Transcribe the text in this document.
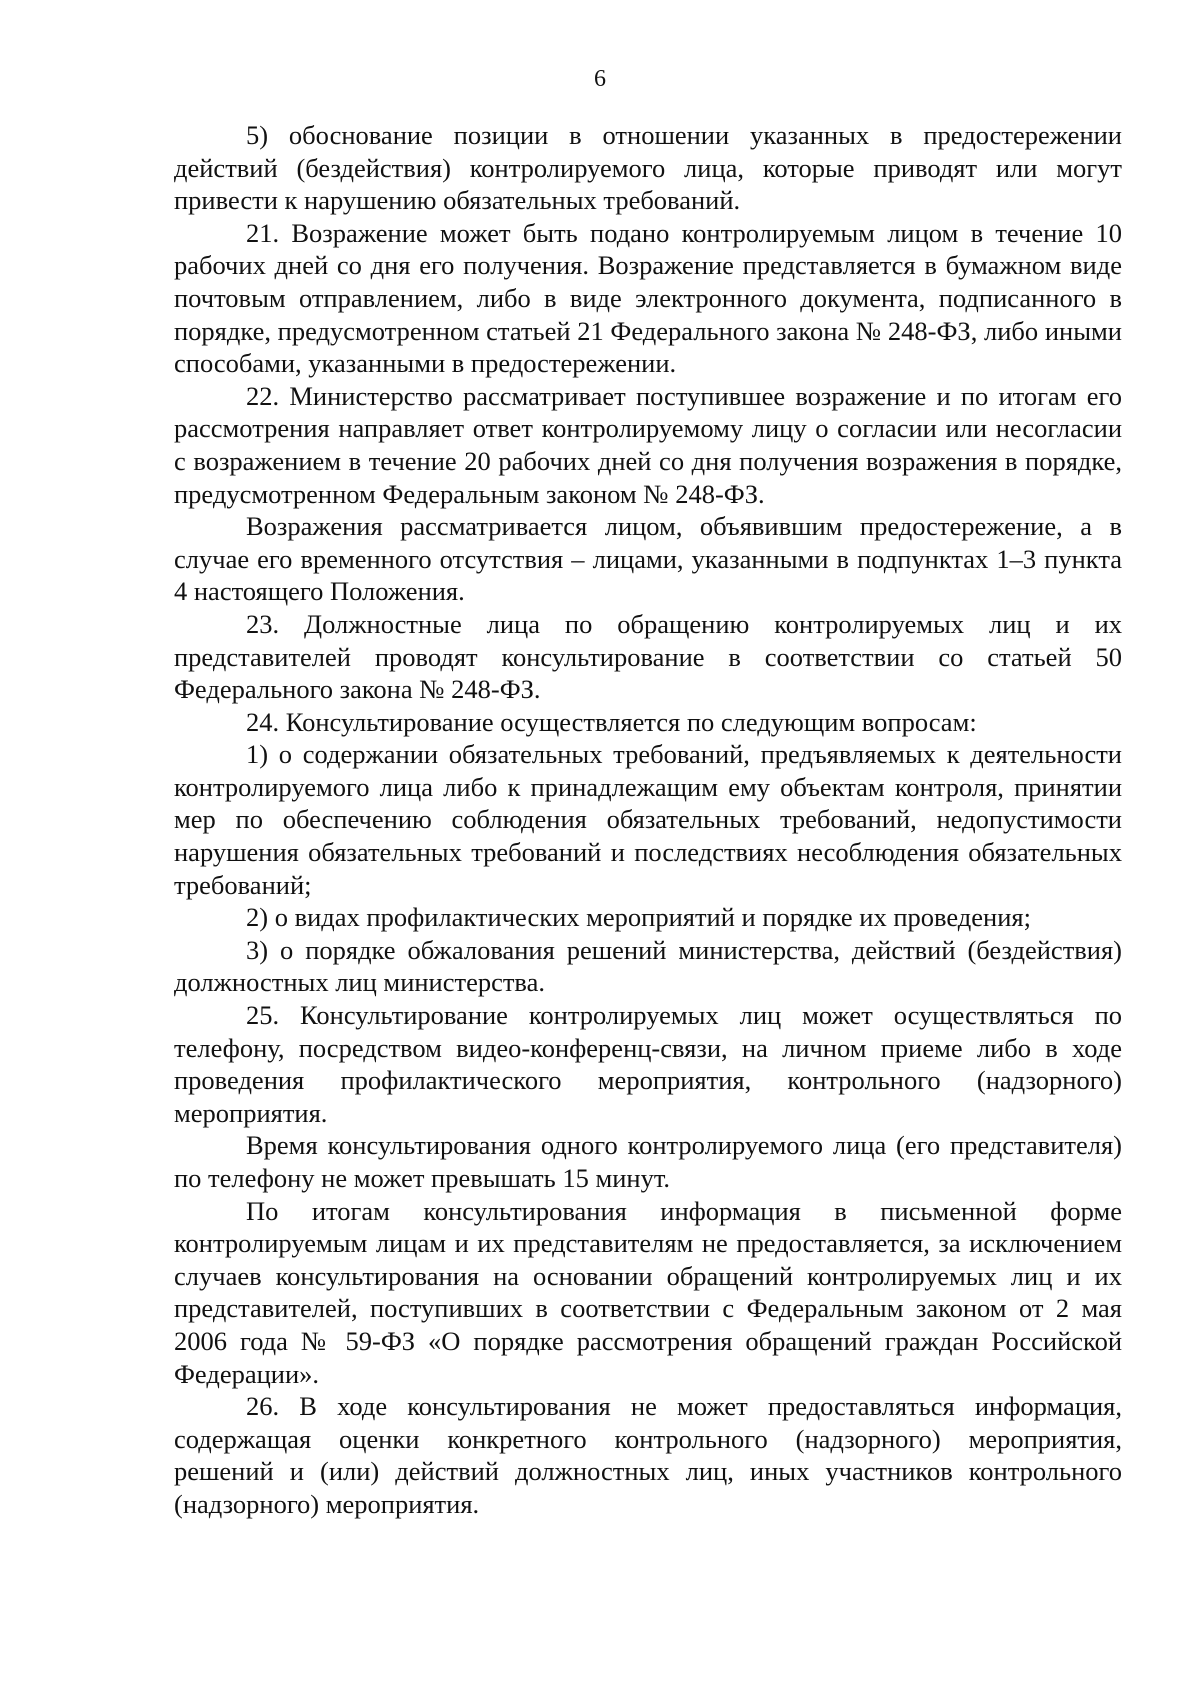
6

5) обоснование позиции в отношении указанных в предостережении действий (бездействия) контролируемого лица, которые приводят или могут привести к нарушению обязательных требований.

21. Возражение может быть подано контролируемым лицом в течение 10 рабочих дней со дня его получения. Возражение представляется в бумажном виде почтовым отправлением, либо в виде электронного документа, подписанного в порядке, предусмотренном статьей 21 Федерального закона № 248-ФЗ, либо иными способами, указанными в предостережении.

22. Министерство рассматривает поступившее возражение и по итогам его рассмотрения направляет ответ контролируемому лицу о согласии или несогласии с возражением в течение 20 рабочих дней со дня получения возражения в порядке, предусмотренном Федеральным законом № 248-ФЗ.

Возражения рассматривается лицом, объявившим предостережение, а в случае его временного отсутствия – лицами, указанными в подпунктах 1–3 пункта 4 настоящего Положения.

23. Должностные лица по обращению контролируемых лиц и их представителей проводят консультирование в соответствии со статьей 50 Федерального закона № 248-ФЗ.

24. Консультирование осуществляется по следующим вопросам:

1) о содержании обязательных требований, предъявляемых к деятельности контролируемого лица либо к принадлежащим ему объектам контроля, принятии мер по обеспечению соблюдения обязательных требований, недопустимости нарушения обязательных требований и последствиях несоблюдения обязательных требований;

2) о видах профилактических мероприятий и порядке их проведения;

3) о порядке обжалования решений министерства, действий (бездействия) должностных лиц министерства.

25. Консультирование контролируемых лиц может осуществляться по телефону, посредством видео-конференц-связи, на личном приеме либо в ходе проведения профилактического мероприятия, контрольного (надзорного) мероприятия.

Время консультирования одного контролируемого лица (его представителя) по телефону не может превышать 15 минут.

По итогам консультирования информация в письменной форме контролируемым лицам и их представителям не предоставляется, за исключением случаев консультирования на основании обращений контролируемых лиц и их представителей, поступивших в соответствии с Федеральным законом от 2 мая 2006 года № 59-ФЗ «О порядке рассмотрения обращений граждан Российской Федерации».

26. В ходе консультирования не может предоставляться информация, содержащая оценки конкретного контрольного (надзорного) мероприятия, решений и (или) действий должностных лиц, иных участников контрольного (надзорного) мероприятия.
